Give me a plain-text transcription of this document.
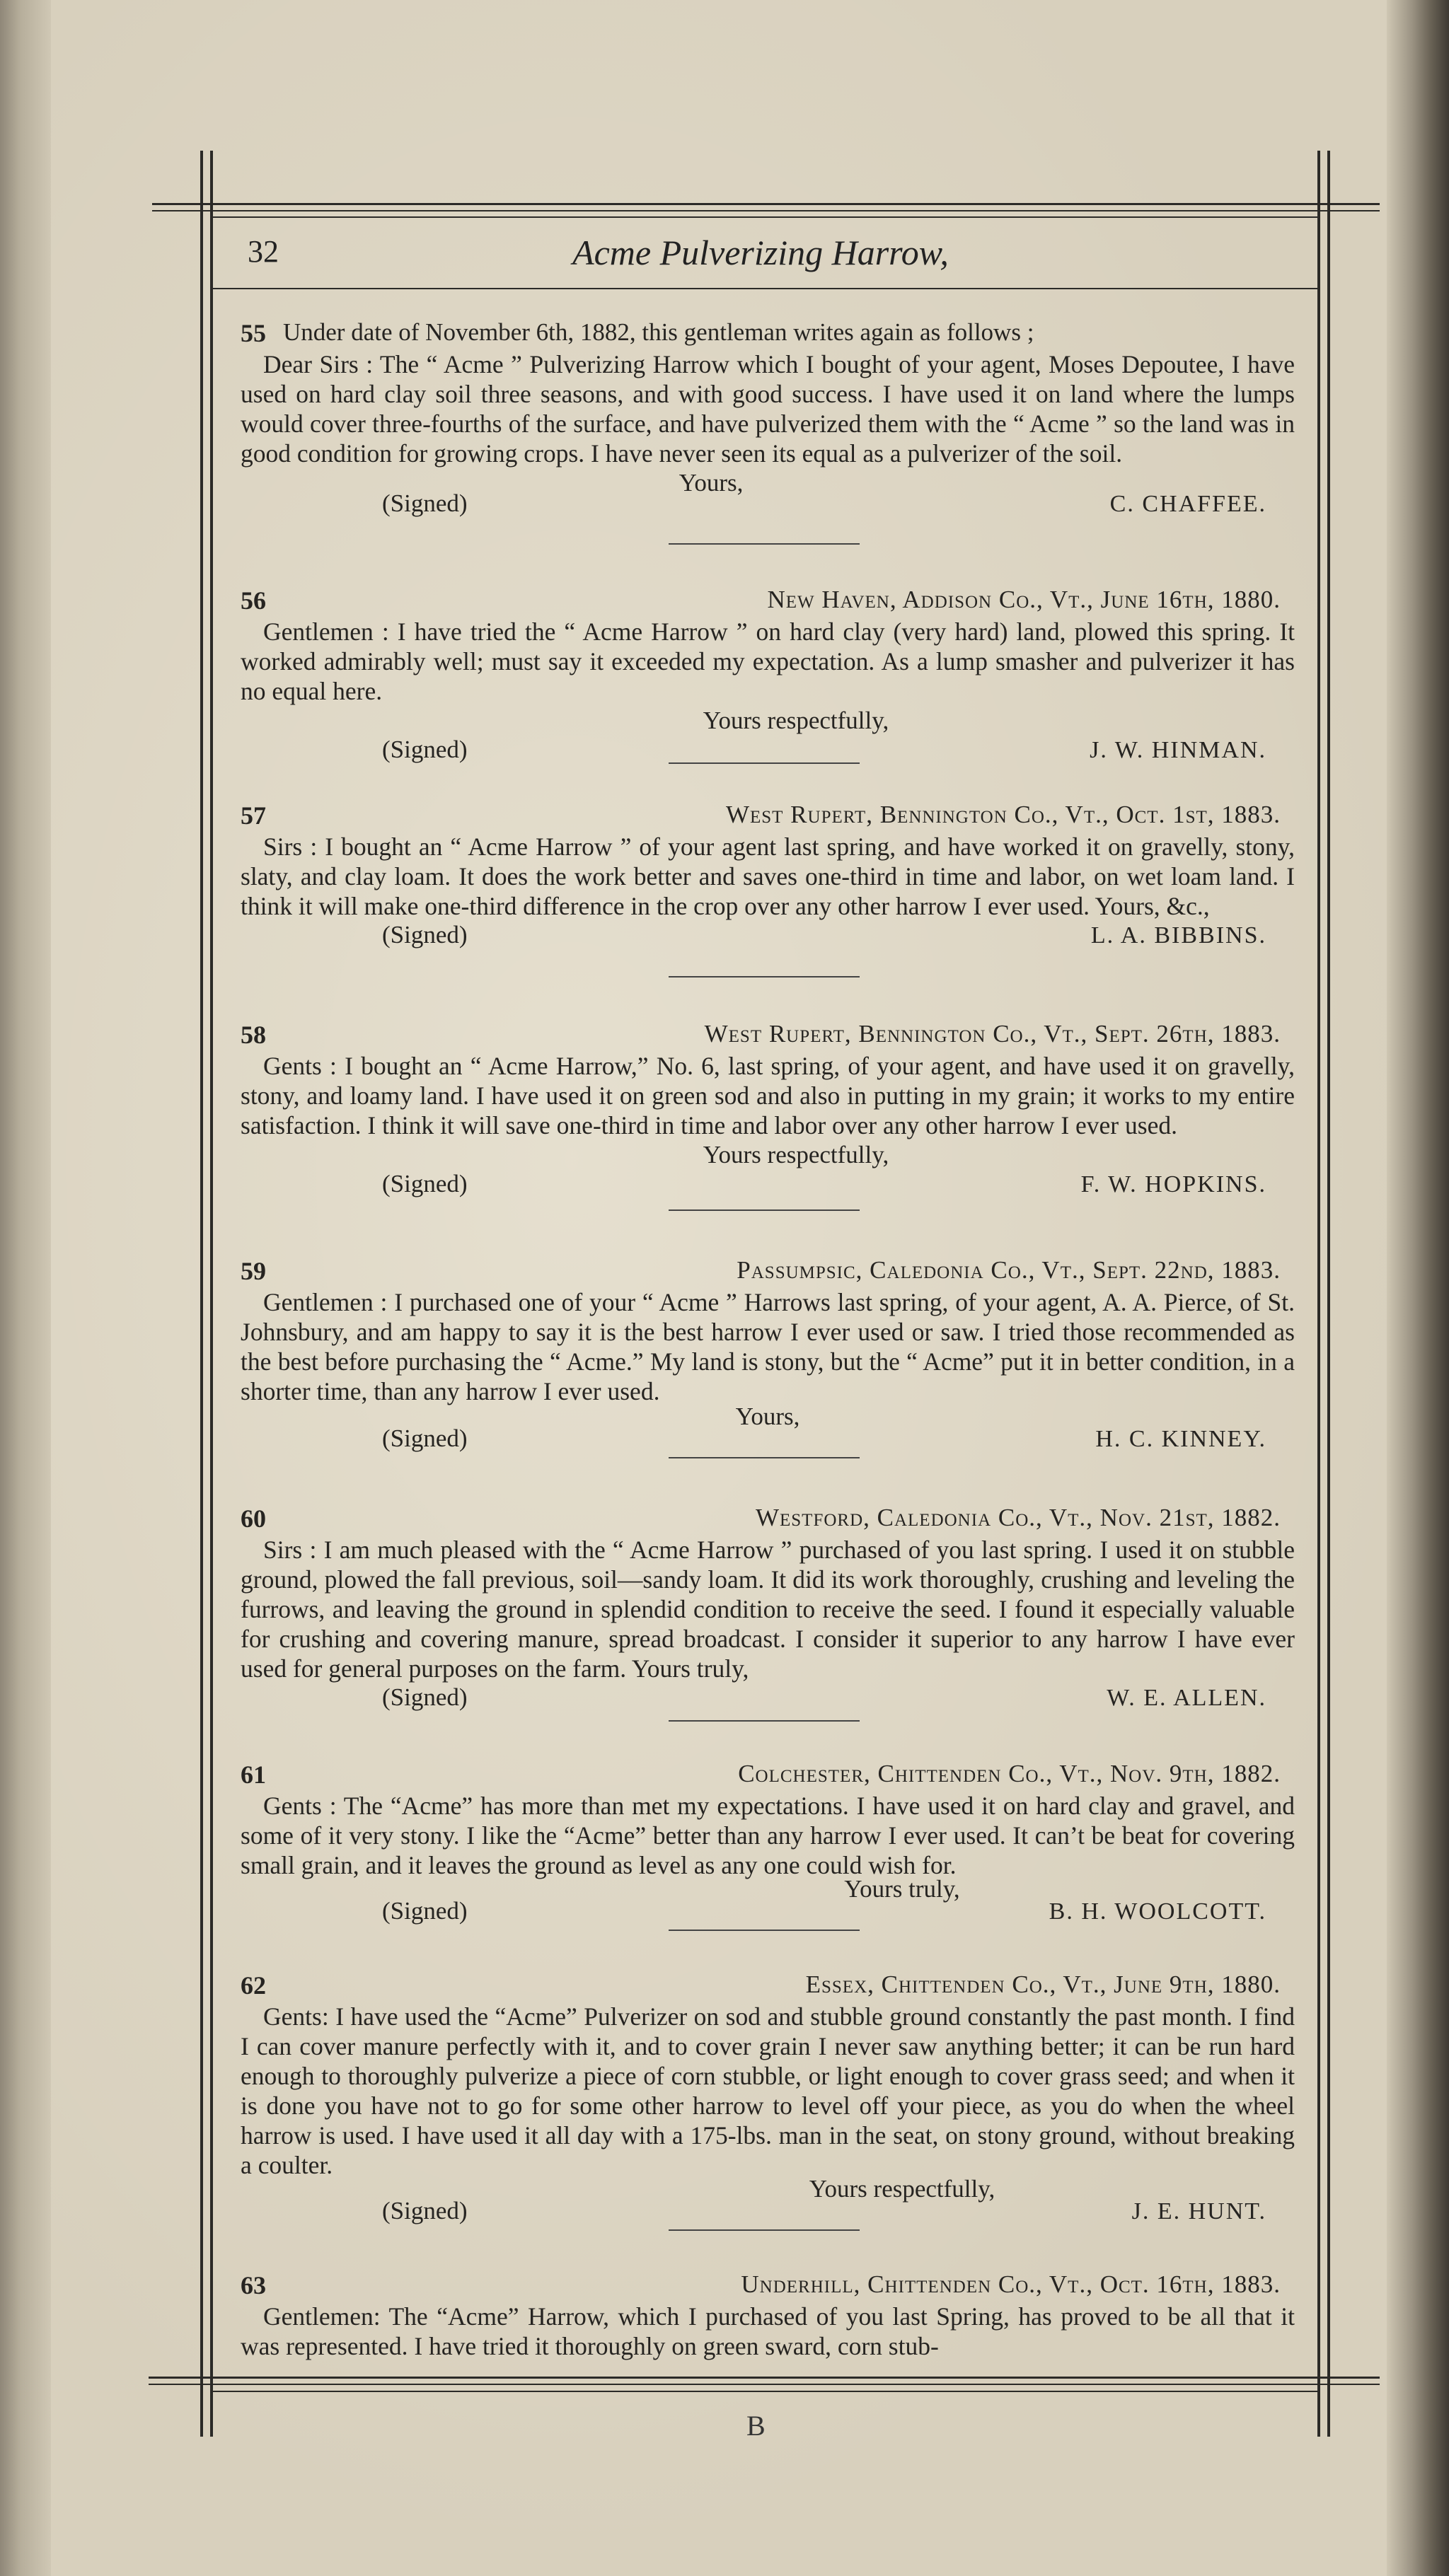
32	Acme Pulverizing Harrow,
55 Under date of November 6th, 1882, this gentleman writes again as follows ;

Dear Sirs : The “ Acme ” Pulverizing Harrow which I bought of your agent, Moses Depoutee, I have used on hard clay soil three seasons, and with good success. I have used it on land where the lumps would cover three-fourths of the surface, and have pulverized them with the “ Acme ” so the land was in good condition for growing crops. I have never seen its equal as a pulverizer of the soil.

Yours,
(Signed)	C. CHAFFEE.
56	New Haven, Addison Co., Vt., June 16th, 1880.

Gentlemen : I have tried the “ Acme Harrow ” on hard clay (very hard) land, plowed this spring. It worked admirably well; must say it exceeded my expectation. As a lump smasher and pulverizer it has no equal here.

Yours respectfully,
(Signed)	J. W. HINMAN.
57	West Rupert, Bennington Co., Vt., Oct. 1st, 1883.

Sirs : I bought an “ Acme Harrow ” of your agent last spring, and have worked it on gravelly, stony, slaty, and clay loam. It does the work better and saves one-third in time and labor, on wet loam land. I think it will make one-third difference in the crop over any other harrow I ever used. Yours, &c.,

(Signed)	L. A. BIBBINS.
58	West Rupert, Bennington Co., Vt., Sept. 26th, 1883.

Gents : I bought an “ Acme Harrow,” No. 6, last spring, of your agent, and have used it on gravelly, stony, and loamy land. I have used it on green sod and also in putting in my grain; it works to my entire satisfaction. I think it will save one-third in time and labor over any other harrow I ever used.

Yours respectfully,
(Signed)	F. W. HOPKINS.
59	Passumpsic, Caledonia Co., Vt., Sept. 22nd, 1883.

Gentlemen : I purchased one of your “ Acme ” Harrows last spring, of your agent, A. A. Pierce, of St. Johnsbury, and am happy to say it is the best harrow I ever used or saw. I tried those recommended as the best before purchasing the “ Acme.” My land is stony, but the “ Acme” put it in better condition, in a shorter time, than any harrow I ever used.

Yours,
(Signed)	H. C. KINNEY.
60	Westford, Caledonia Co., Vt., Nov. 21st, 1882.

Sirs : I am much pleased with the “ Acme Harrow ” purchased of you last spring. I used it on stubble ground, plowed the fall previous, soil—sandy loam. It did its work thoroughly, crushing and leveling the furrows, and leaving the ground in splendid condition to receive the seed. I found it especially valuable for crushing and covering manure, spread broadcast. I consider it superior to any harrow I have ever used for general purposes on the farm. Yours truly,

(Signed)	W. E. ALLEN.
61	Colchester, Chittenden Co., Vt., Nov. 9th, 1882.

Gents : The “Acme” has more than met my expectations. I have used it on hard clay and gravel, and some of it very stony. I like the “Acme” better than any harrow I ever used. It can’t be beat for covering small grain, and it leaves the ground as level as any one could wish for.

Yours truly,
(Signed)	B. H. WOOLCOTT.
62	Essex, Chittenden Co., Vt., June 9th, 1880.

Gents: I have used the “Acme” Pulverizer on sod and stubble ground constantly the past month. I find I can cover manure perfectly with it, and to cover grain I never saw anything better; it can be run hard enough to thoroughly pulverize a piece of corn stubble, or light enough to cover grass seed; and when it is done you have not to go for some other harrow to level off your piece, as you do when the wheel harrow is used. I have used it all day with a 175-lbs. man in the seat, on stony ground, without breaking a coulter.

Yours respectfully,
(Signed)	J. E. HUNT.
63	Underhill, Chittenden Co., Vt., Oct. 16th, 1883.

Gentlemen: The “Acme” Harrow, which I purchased of you last Spring, has proved to be all that it was represented. I have tried it thoroughly on green sward, corn stub-

B
